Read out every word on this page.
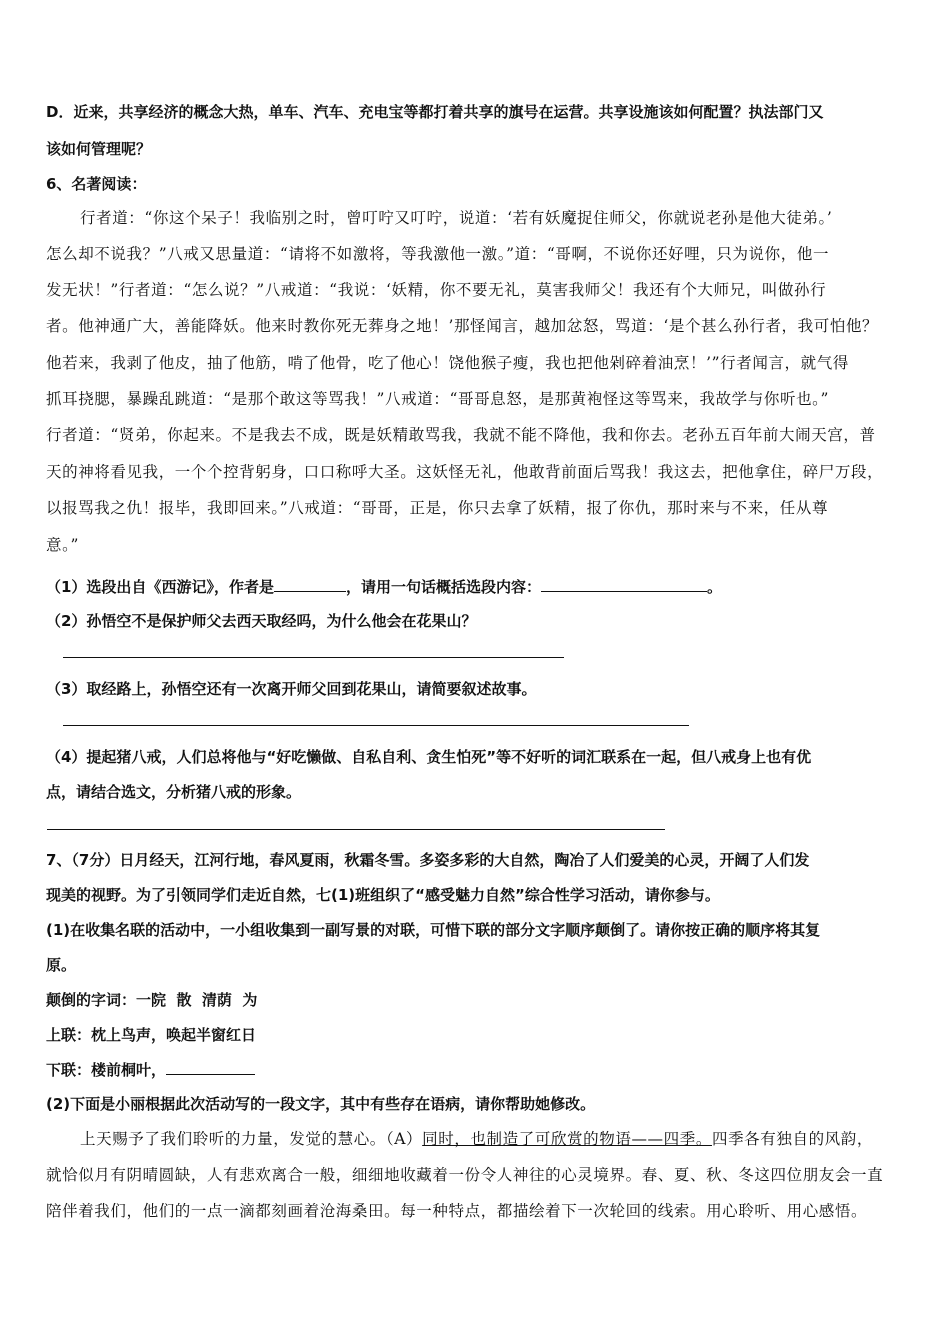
D．近来，共享经济的概念大热，单车、汽车、充电宝等都打着共享的旗号在运营。共享设施该如何配置？执法部门又
该如何管理呢？
6、名著阅读：
行者道：“你这个呆子！我临别之时，曾叮咛又叮咛，说道：‘若有妖魔捉住师父，你就说老孙是他大徒弟。’
怎么却不说我？”八戒又思量道：“请将不如激将，等我激他一激。”道：“哥啊，不说你还好哩，只为说你，他一
发无状！”行者道：“怎么说？”八戒道：“我说：‘妖精，你不要无礼，莫害我师父！我还有个大师兄，叫做孙行
者。他神通广大，善能降妖。他来时教你死无葬身之地！’那怪闻言，越加忿怒，骂道：‘是个甚么孙行者，我可怕他？
他若来，我剥了他皮，抽了他筋，啃了他骨，吃了他心！饶他猴子瘦，我也把他剁碎着油烹！’”行者闻言，就气得
抓耳挠腮，暴躁乱跳道：“是那个敢这等骂我！”八戒道：“哥哥息怒，是那黄袍怪这等骂来，我故学与你听也。”
行者道：“贤弟，你起来。不是我去不成，既是妖精敢骂我，我就不能不降他，我和你去。老孙五百年前大闹天宫，普
天的神将看见我，一个个控背躬身，口口称呼大圣。这妖怪无礼，他敢背前面后骂我！我这去，把他拿住，碎尸万段，
以报骂我之仇！报毕，我即回来。”八戒道：“哥哥，正是，你只去拿了妖精，报了你仇，那时来与不来，任从尊
意。”
（1）选段出自《西游记》，作者是	，请用一句话概括选段内容：	。
（2）孙悟空不是保护师父去西天取经吗，为什么他会在花果山？
（3）取经路上，孙悟空还有一次离开师父回到花果山，请简要叙述故事。
（4）提起猪八戒，人们总将他与“好吃懒做、自私自利、贪生怕死”等不好听的词汇联系在一起，但八戒身上也有优
点，请结合选文，分析猪八戒的形象。
7、（7分）日月经天，江河行地，春风夏雨，秋霜冬雪。多姿多彩的大自然，陶冶了人们爱美的心灵，开阔了人们发
现美的视野。为了引领同学们走近自然，七(1)班组织了“感受魅力自然”综合性学习活动，请你参与。
(1)在收集名联的活动中，一小组收集到一副写景的对联，可惜下联的部分文字顺序颠倒了。请你按正确的顺序将其复
原。
颠倒的字词：一院  散  清荫  为
上联：枕上鸟声，唤起半窗红日
下联：楼前桐叶，
(2)下面是小丽根据此次活动写的一段文字，其中有些存在语病，请你帮助她修改。
上天赐予了我们聆听的力量，发觉的慧心。（A）同时，也制造了可欣赏的物语——四季。四季各有独自的风韵，
就恰似月有阴晴圆缺，人有悲欢离合一般，细细地收藏着一份令人神往的心灵境界。春、夏、秋、冬这四位朋友会一直
陪伴着我们，他们的一点一滴都刻画着沧海桑田。每一种特点，都描绘着下一次轮回的线索。用心聆听、用心感悟。
